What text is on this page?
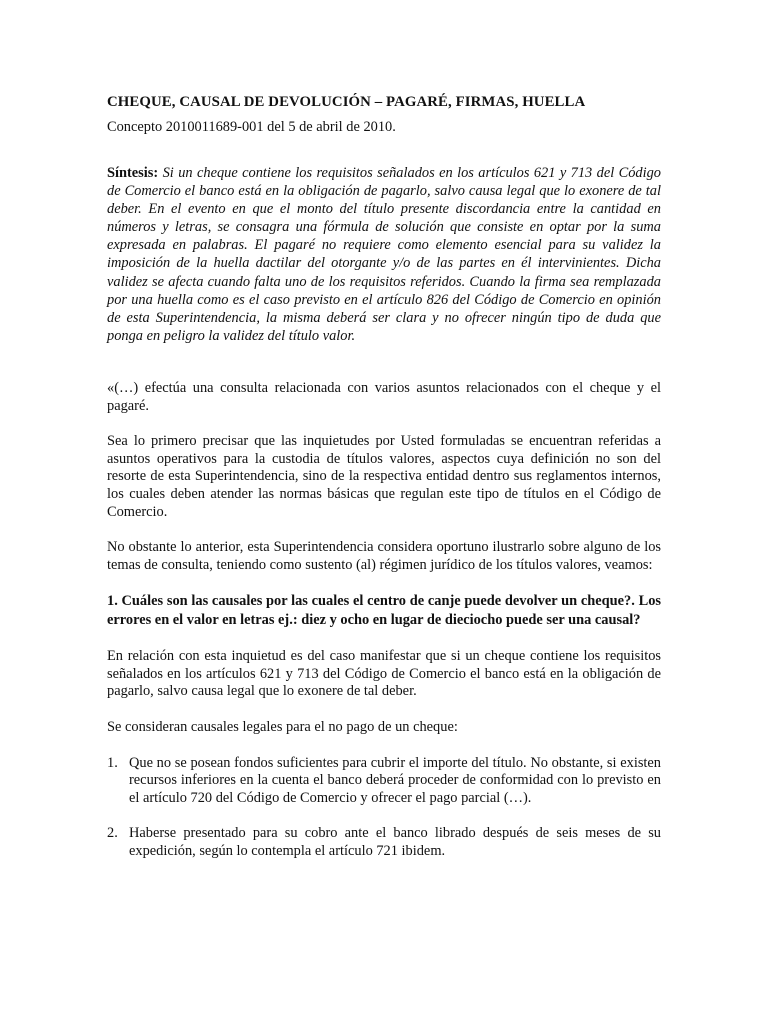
CHEQUE, CAUSAL DE DEVOLUCIÓN – PAGARÉ, FIRMAS, HUELLA

Concepto 2010011689-001 del 5 de abril de 2010.

Síntesis: Si un cheque contiene los requisitos señalados en los artículos 621 y 713 del Código de Comercio el banco está en la obligación de pagarlo, salvo causa legal que lo exonere de tal deber. En el evento en que el monto del título presente discordancia entre la cantidad en números y letras, se consagra una fórmula de solución que consiste en optar por la suma expresada en palabras. El pagaré no requiere como elemento esencial para su validez la imposición de la huella dactilar del otorgante y/o de las partes en él intervinientes. Dicha validez se afecta cuando falta uno de los requisitos referidos. Cuando la firma sea remplazada por una huella como es el caso previsto en el artículo 826 del Código de Comercio en opinión de esta Superintendencia, la misma deberá ser clara y no ofrecer ningún tipo de duda que ponga en peligro la validez del título valor.

«(…) efectúa una consulta relacionada con varios asuntos relacionados con el cheque y el pagaré.

Sea lo primero precisar que las inquietudes por Usted formuladas se encuentran referidas a asuntos operativos para la custodia de títulos valores, aspectos cuya definición no son del resorte de esta Superintendencia, sino de la respectiva entidad dentro sus reglamentos internos, los cuales deben atender las normas básicas que regulan este tipo de títulos en el Código de Comercio.

No obstante lo anterior, esta Superintendencia considera oportuno ilustrarlo sobre alguno de los temas de consulta, teniendo como sustento (al) régimen jurídico de los títulos valores, veamos:

1. Cuáles son las causales por las cuales el centro de canje puede devolver un cheque?. Los errores en el valor en letras ej.: diez y ocho en lugar de dieciocho puede ser una causal?

En relación con esta inquietud es del caso manifestar que si un cheque contiene los requisitos señalados en los artículos 621 y 713 del Código de Comercio el banco está en la obligación de pagarlo, salvo causa legal que lo exonere de tal deber.

Se consideran causales legales para el no pago de un cheque:

1. Que no se posean fondos suficientes para cubrir el importe del título. No obstante, si existen recursos inferiores en la cuenta el banco deberá proceder de conformidad con lo previsto en el artículo 720 del Código de Comercio y ofrecer el pago parcial (…).
2. Haberse presentado para su cobro ante el banco librado después de seis meses de su expedición, según lo contempla el artículo 721 ibidem.
